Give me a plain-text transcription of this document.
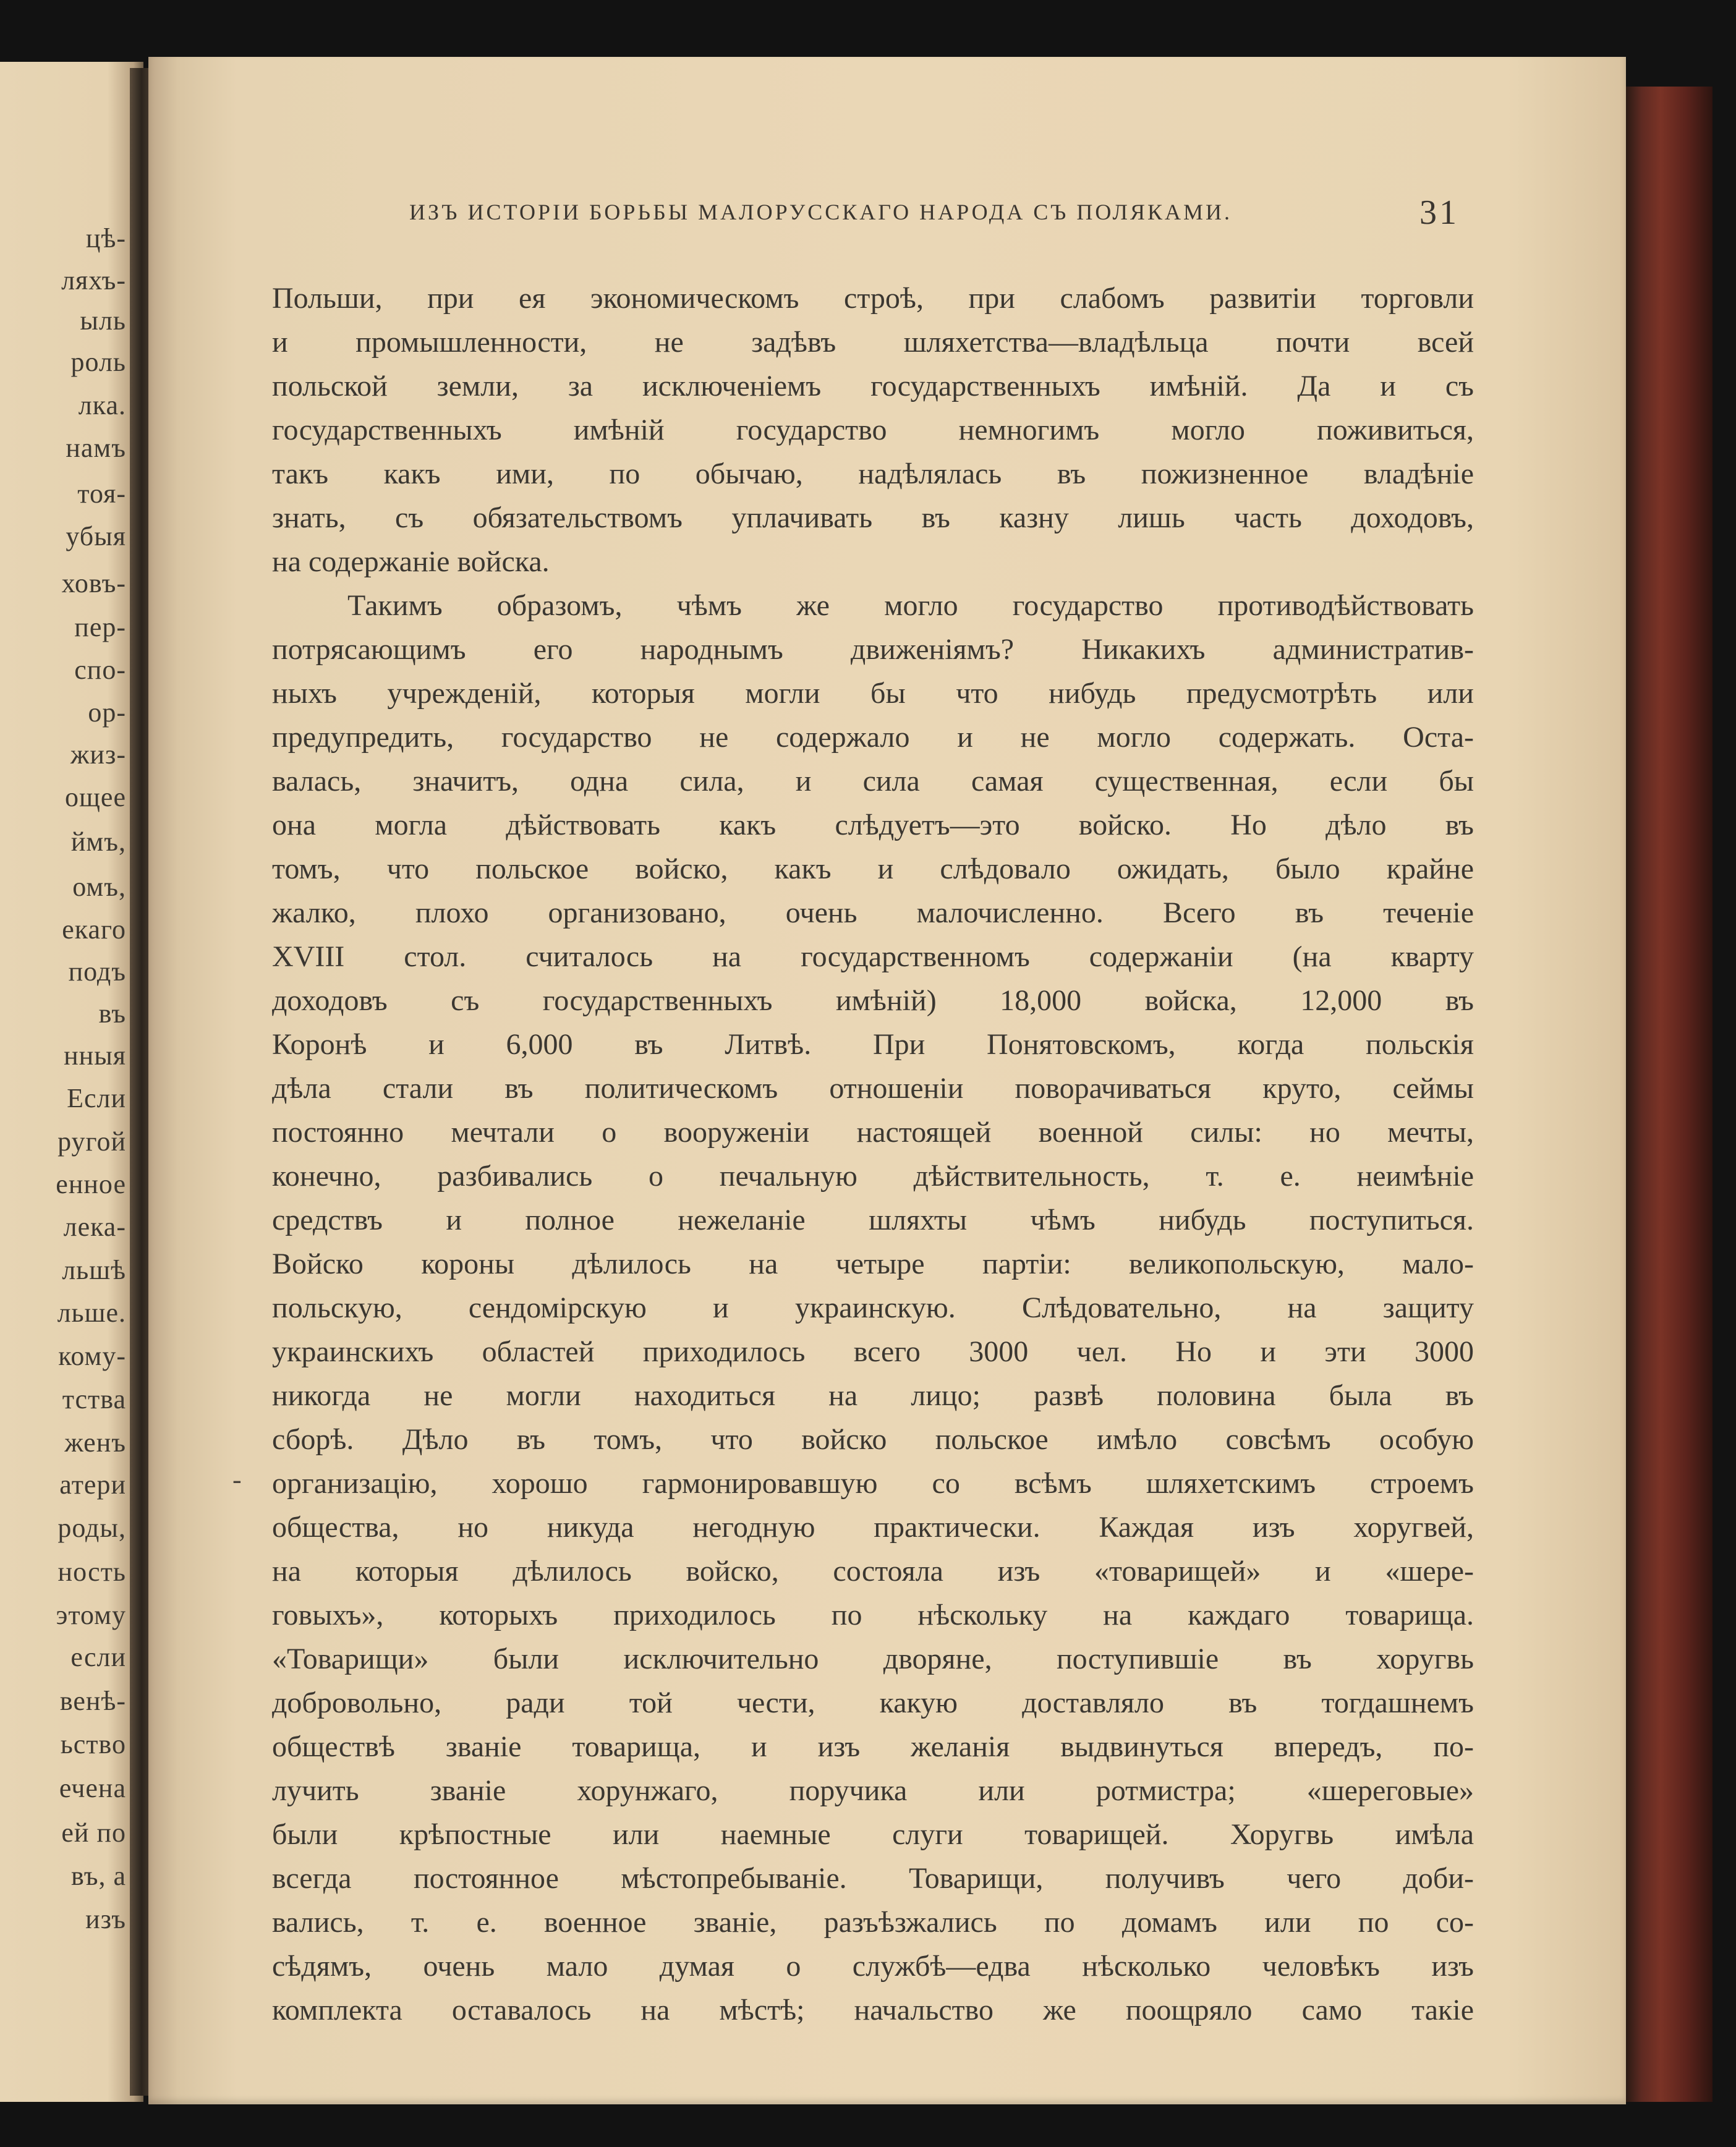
цѣ-
ляхъ-
ыль
роль
лка.
намъ
тоя-
убыя
ховъ-
пер-
спо-
ор-
жиз-
ощее
ймъ,
омъ,
екаго
подъ
въ
нныя
Если
ругой
енное
лека-
льшѣ
льше.
кому-
тства
женъ
атери
роды,
ность
этому
если
венѣ-
ьство
ечена
ей по
въ, а
изъ
ИЗЪ ИСТОРІИ БОРЬБЫ МАЛОРУССКАГО НАРОДА СЪ ПОЛЯКАМИ.	31
-
Польши, при ея экономическомъ строѣ, при слабомъ развитіи торговли
и промышленности, не задѣвъ шляхетства—владѣльца почти всей
польской земли, за исключеніемъ государственныхъ имѣній. Да и съ
государственныхъ имѣній государство немногимъ могло поживиться,
такъ какъ ими, по обычаю, надѣлялась въ пожизненное владѣніе
знать, съ обязательствомъ уплачивать въ казну лишь часть доходовъ,
на содержаніе войска.
Такимъ образомъ, чѣмъ же могло государство противодѣйствовать
потрясающимъ его народнымъ движеніямъ? Никакихъ административ-
ныхъ учрежденій, которыя могли бы что нибудь предусмотрѣть или
предупредить, государство не содержало и не могло содержать. Оста-
валась, значитъ, одна сила, и сила самая существенная, если бы
она могла дѣйствовать какъ слѣдуетъ—это войско. Но дѣло въ
томъ, что польское войско, какъ и слѣдовало ожидать, было крайне
жалко, плохо организовано, очень малочисленно. Всего въ теченіе
XVIII стол. считалось на государственномъ содержаніи (на кварту
доходовъ съ государственныхъ имѣній) 18,000 войска, 12,000 въ
Коронѣ и 6,000 въ Литвѣ. При Понятовскомъ, когда польскія
дѣла стали въ политическомъ отношеніи поворачиваться круто, сеймы
постоянно мечтали о вооруженіи настоящей военной силы: но мечты,
конечно, разбивались о печальную дѣйствительность, т. е. неимѣніе
средствъ и полное нежеланіе шляхты чѣмъ нибудь поступиться.
Войско короны дѣлилось на четыре партіи: великопольскую, мало-
польскую, сендомірскую и украинскую. Слѣдовательно, на защиту
украинскихъ областей приходилось всего 3000 чел. Но и эти 3000
никогда не могли находиться на лицо; развѣ половина была въ
сборѣ. Дѣло въ томъ, что войско польское имѣло совсѣмъ особую
организацію, хорошо гармонировавшую со всѣмъ шляхетскимъ строемъ
общества, но никуда негодную практически. Каждая изъ хоругвей,
на которыя дѣлилось войско, состояла изъ «товарищей» и «шере-
говыхъ», которыхъ приходилось по нѣскольку на каждаго товарища.
«Товарищи» были исключительно дворяне, поступившіе въ хоругвь
добровольно, ради той чести, какую доставляло въ тогдашнемъ
обществѣ званіе товарища, и изъ желанія выдвинуться впередъ, по-
лучить званіе хорунжаго, поручика или ротмистра; «шереговые»
были крѣпостные или наемные слуги товарищей. Хоругвь имѣла
всегда постоянное мѣстопребываніе. Товарищи, получивъ чего доби-
вались, т. е. военное званіе, разъѣзжались по домамъ или по со-
сѣдямъ, очень мало думая о службѣ—едва нѣсколько человѣкъ изъ
комплекта оставалось на мѣстѣ; начальство же поощряло само такіе
